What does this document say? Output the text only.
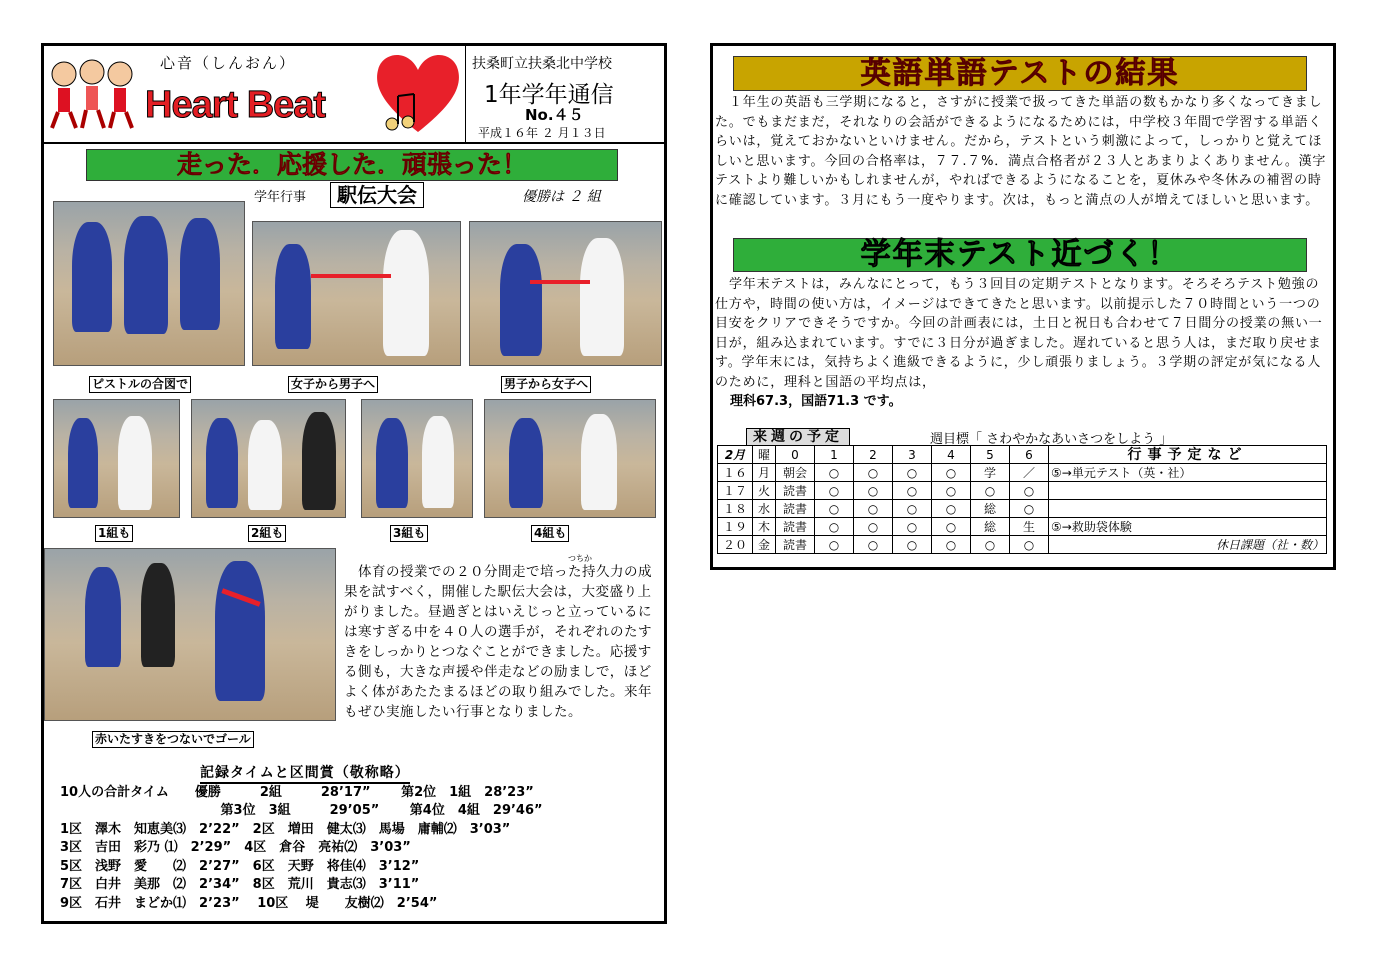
心音（しんおん）
Heart Beat
扶桑町立扶桑北中学校
1年学年通信
No.４５
平成１６年 ２ 月１３日
走った．応援した．頑張った！
学年行事	駅伝大会	優勝は ２ 組
ピストルの合図で	女子から男子へ	男子から女子へ
1組も	2組も	3組も	4組も
赤いたすきをつないでゴール
つちか
体育の授業での２０分間走で培った持久力の成果を試すべく，開催した駅伝大会は，大変盛り上がりました。昼過ぎとはいえじっと立っているには寒すぎる中を４０人の選手が，それぞれのたすきをしっかりとつなぐことができました。応援する側も，大きな声援や伴走などの励ましで，ほどよく体があたたまるほどの取り組みでした。来年もぜひ実施したい行事となりました。
記録タイムと区間賞（敬称略）
10人の合計タイム　　優勝　　　2組　　　28’17”　　 第2位　1組　28’23”
　　　　　　　　　　　　 第3位　3組　　　29’05”　　 第4位　4組　29’46”
1区　澤木　知恵美⑶　2’22”　2区　増田　健太⑶　馬場　庸輔⑵　3’03”
3区　吉田　彩乃 ⑴　2’29”　4区　倉谷　亮祐⑵　3’03”
5区　浅野　愛　　⑵　2’27”　6区　天野　将佳⑷　3’12”
7区　白井　美那　⑵　2’34”　8区　荒川　貴志⑶　3’11”
9区　石井　まどか⑴　2’23”　 10区　 堤　　友樹⑵　2’54”
英語単語テストの結果
１年生の英語も三学期になると，さすがに授業で扱ってきた単語の数もかなり多くなってきました。でもまだまだ，それなりの会話ができるようになるためには，中学校３年間で学習する単語くらいは，覚えておかないといけません。だから，テストという刺激によって，しっかりと覚えてほしいと思います。今回の合格率は，７７.７%．満点合格者が２３人とあまりよくありません。漢字テストより難しいかもしれませんが，やればできるようになることを，夏休みや冬休みの補習の時に確認しています。３月にもう一度やります。次は，もっと満点の人が増えてほしいと思います。
学年末テスト近づく！
学年末テストは，みんなにとって，もう３回目の定期テストとなります。そろそろテスト勉強の仕方や，時間の使い方は，イメージはできてきたと思います。以前提示した７０時間という一つの目安をクリアできそうですか。今回の計画表には，土日と祝日も合わせて７日間分の授業の無い一日が，組み込まれています。すでに３日分が過ぎました。遅れていると思う人は，まだ取り戻せます。学年末には，気持ちよく進級できるように，少し頑張りましょう。３学期の評定が気になる人のために，理科と国語の平均点は，
理科67.3，国語71.3 です。
来週の予定	週目標「 さわやかなあいさつをしよう 」
2月	曜	0	1	2	3	4	5	6	行事予定など
１６	月	朝会	○	○	○	○	学	／	⑤→単元テスト（英・社）
１７	火	読書	○	○	○	○	○	○	
１８	水	読書	○	○	○	○	総	○	
１９	木	読書	○	○	○	○	総	生	⑤→救助袋体験
２０	金	読書	○	○	○	○	○	○	休日課題（社・数）
